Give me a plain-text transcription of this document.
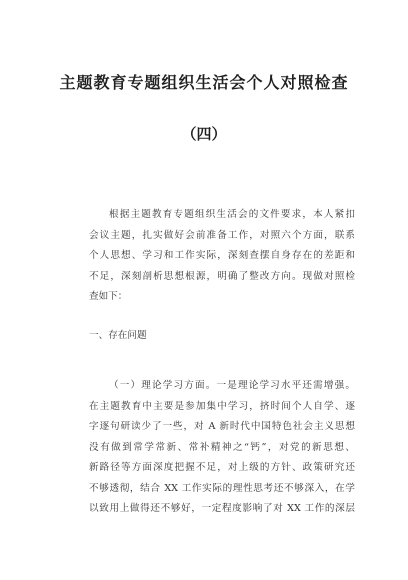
主题教育专题组织生活会个人对照检查
（四）
根据主题教育专题组织生活会的文件要求，本人紧扣
会议主题，扎实做好会前准备工作，对照六个方面，联系
个人思想、学习和工作实际，深刻查摆自身存在的差距和
不足，深刻剖析思想根源，明确了整改方向。现做对照检
查如下：
一、存在问题
（一）理论学习方面。一是理论学习水平还需增强。
在主题教育中主要是参加集中学习，挤时间个人自学、逐
字逐句研读少了一些，对 A 新时代中国特色社会主义思想
没有做到常学常新、常补精神之“钙”，对党的新思想、
新路径等方面深度把握不足，对上级的方针、政策研究还
不够透彻，结合 XX 工作实际的理性思考还不够深入，在学
以致用上做得还不够好，一定程度影响了对 XX 工作的深层
